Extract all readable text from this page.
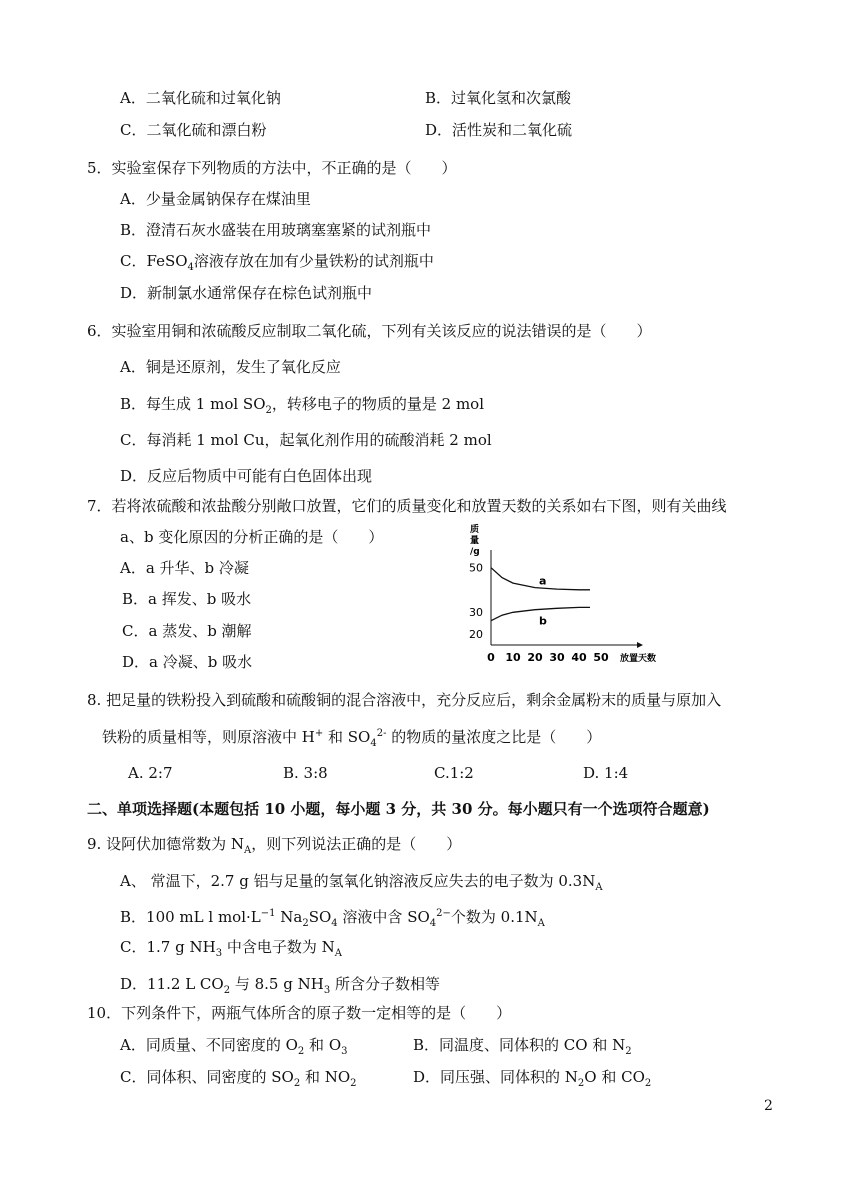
A．二氧化硫和过氧化钠	B．过氧化氢和次氯酸
C．二氧化硫和漂白粉	D．活性炭和二氧化硫
5．实验室保存下列物质的方法中，不正确的是（　　）
A．少量金属钠保存在煤油里
B．澄清石灰水盛装在用玻璃塞塞紧的试剂瓶中
C．FeSO$_4$溶液存放在加有少量铁粉的试剂瓶中
D．新制氯水通常保存在棕色试剂瓶中
6．实验室用铜和浓硫酸反应制取二氧化硫，下列有关该反应的说法错误的是（　　）
A．铜是还原剂，发生了氧化反应
B．每生成 1 mol $SO_2$，转移电子的物质的量是 2 mol
C．每消耗 1 mol Cu，起氧化剂作用的硫酸消耗 2 mol
D．反应后物质中可能有白色固体出现
7．若将浓硫酸和浓盐酸分别敞口放置，它们的质量变化和放置天数的关系如右下图，则有关曲线
a、b 变化原因的分析正确的是（　　）
A．a 升华、b 冷凝
B．a 挥发、b 吸水
C．a 蒸发、b 潮解
D．a 冷凝、b 吸水
质
量
/g
50
30
20
0 10 20 30 40 50
a
b
放置天数
8. 把足量的铁粉投入到硫酸和硫酸铜的混合溶液中，充分反应后，剩余金属粉末的质量与原加入
铁粉的质量相等，则原溶液中 H+ 和 $SO_4^{2-}$ 的物质的量浓度之比是（　　）
A. 2:7	B. 3:8	C.1:2	D. 1:4
二、单项选择题(本题包括 10 小题，每小题 3 分，共 30 分。每小题只有一个选项符合题意)
9. 设阿伏加德常数为 $N_A$，则下列说法正确的是（　　）
A、 常温下，2.7 g 铝与足量的氢氧化钠溶液反应失去的电子数为 $0.3N_A$
B．100 mL l $mol\cdot L^{-1}$ $Na_2SO_4$ 溶液中含 $SO_4^{2-}$个数为 $0.1N_A$
C．1.7 g $NH_3$ 中含电子数为 $N_A$
D．11.2 L $CO_2$ 与 8.5 g $NH_3$ 所含分子数相等
10．下列条件下，两瓶气体所含的原子数一定相等的是（　　）
A．同质量、不同密度的 $O_2$ 和 $O_3$	B．同温度、同体积的 CO 和 $N_2$
C．同体积、同密度的 $SO_2$ 和 $NO_2$	D．同压强、同体积的 $N_2O$ 和 $CO_2$
2
